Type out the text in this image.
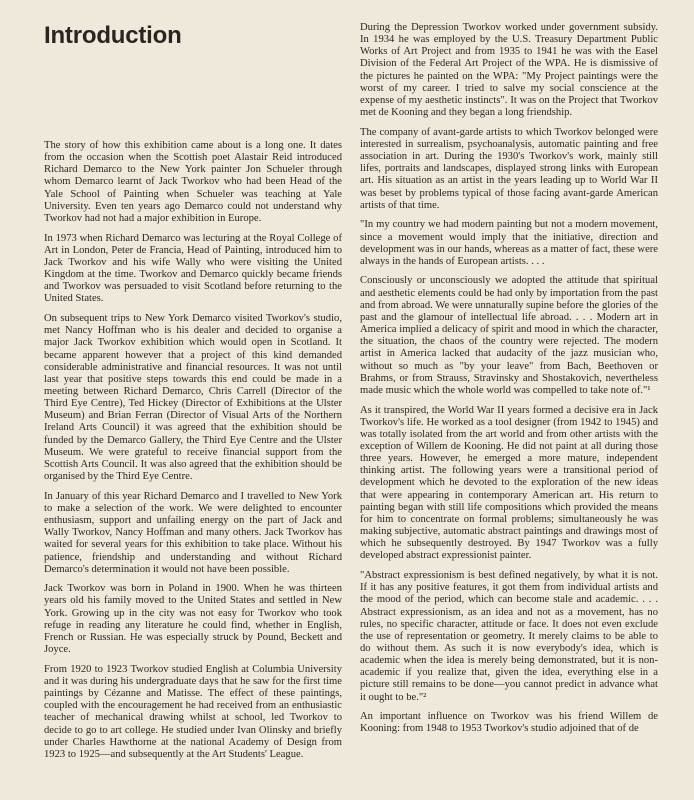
Introduction

The story of how this exhibition came about is a long one. It dates from the occasion when the Scottish poet Alastair Reid introduced Richard Demarco to the New York painter Jon Schueler through whom Demarco learnt of Jack Tworkov who had been Head of the Yale School of Painting when Schueler was teaching at Yale University. Even ten years ago Demarco could not understand why Tworkov had not had a major exhibition in Europe.

In 1973 when Richard Demarco was lecturing at the Royal College of Art in London, Peter de Francia, Head of Painting, introduced him to Jack Tworkov and his wife Wally who were visiting the United Kingdom at the time. Tworkov and Demarco quickly became friends and Tworkov was persuaded to visit Scotland before returning to the United States.

On subsequent trips to New York Demarco visited Tworkov's studio, met Nancy Hoffman who is his dealer and decided to organise a major Jack Tworkov exhibition which would open in Scotland. It became apparent however that a project of this kind demanded considerable administrative and financial resources. It was not until last year that positive steps towards this end could be made in a meeting between Richard Demarco, Chris Carrell (Director of the Third Eye Centre), Ted Hickey (Director of Exhibitions at the Ulster Museum) and Brian Ferran (Director of Visual Arts of the Northern Ireland Arts Council) it was agreed that the exhibition should be funded by the Demarco Gallery, the Third Eye Centre and the Ulster Museum. We were grateful to receive financial support from the Scottish Arts Council. It was also agreed that the exhibition should be organised by the Third Eye Centre.

In January of this year Richard Demarco and I travelled to New York to make a selection of the work. We were delighted to encounter enthusiasm, support and unfailing energy on the part of Jack and Wally Tworkov, Nancy Hoffman and many others. Jack Tworkov has waited for several years for this exhibition to take place. Without his patience, friendship and understanding and without Richard Demarco's determination it would not have been possible.

Jack Tworkov was born in Poland in 1900. When he was thirteen years old his family moved to the United States and settled in New York. Growing up in the city was not easy for Tworkov who took refuge in reading any literature he could find, whether in English, French or Russian. He was especially struck by Pound, Beckett and Joyce.

From 1920 to 1923 Tworkov studied English at Columbia University and it was during his undergraduate days that he saw for the first time paintings by Cézanne and Matisse. The effect of these paintings, coupled with the encouragement he had received from an enthusiastic teacher of mechanical drawing whilst at school, led Tworkov to decide to go to art college. He studied under Ivan Olinsky and briefly under Charles Hawthorne at the national Academy of Design from 1923 to 1925—and subsequently at the Art Students' League.

During the Depression Tworkov worked under government subsidy. In 1934 he was employed by the U.S. Treasury Department Public Works of Art Project and from 1935 to 1941 he was with the Easel Division of the Federal Art Project of the WPA. He is dismissive of the pictures he painted on the WPA: "My Project paintings were the worst of my career. I tried to salve my social conscience at the expense of my aesthetic instincts". It was on the Project that Tworkov met de Kooning and they began a long friendship.

The company of avant-garde artists to which Tworkov belonged were interested in surrealism, psychoanalysis, automatic painting and free association in art. During the 1930's Tworkov's work, mainly still lifes, portraits and landscapes, displayed strong links with European art. His situation as an artist in the years leading up to World War II was beset by problems typical of those facing avant-garde American artists of that time.

"In my country we had modern painting but not a modern movement, since a movement would imply that the initiative, direction and development was in our hands, whereas as a matter of fact, these were always in the hands of European artists. . . .

Consciously or unconsciously we adopted the attitude that spiritual and aesthetic elements could be had only by importation from the past and from abroad. We were unnaturally supine before the glories of the past and the glamour of intellectual life abroad. . . . Modern art in America implied a delicacy of spirit and mood in which the character, the situation, the chaos of the country were rejected. The modern artist in America lacked that audacity of the jazz musician who, without so much as "by your leave" from Bach, Beethoven or Brahms, or from Strauss, Stravinsky and Shostakovich, nevertheless made music which the whole world was compelled to take note of."¹

As it transpired, the World War II years formed a decisive era in Jack Tworkov's life. He worked as a tool designer (from 1942 to 1945) and was totally isolated from the art world and from other artists with the exception of Willem de Kooning. He did not paint at all during those three years. However, he emerged a more mature, independent thinking artist. The following years were a transitional period of development which he devoted to the exploration of the new ideas that were appearing in contemporary American art. His return to painting began with still life compositions which provided the means for him to concentrate on formal problems; simultaneously he was making subjective, automatic abstract paintings and drawings most of which he subsequently destroyed. By 1947 Tworkov was a fully developed abstract expressionist painter.

"Abstract expressionism is best defined negatively, by what it is not. If it has any positive features, it got them from individual artists and the mood of the period, which can become stale and academic. . . . Abstract expressionism, as an idea and not as a movement, has no rules, no specific character, attitude or face. It does not even exclude the use of representation or geometry. It merely claims to be able to do without them. As such it is now everybody's idea, which is academic when the idea is merely being demonstrated, but it is non-academic if you realize that, given the idea, everything else in a picture still remains to be done—you cannot predict in advance what it ought to be."²

An important influence on Tworkov was his friend Willem de Kooning: from 1948 to 1953 Tworkov's studio adjoined that of de
